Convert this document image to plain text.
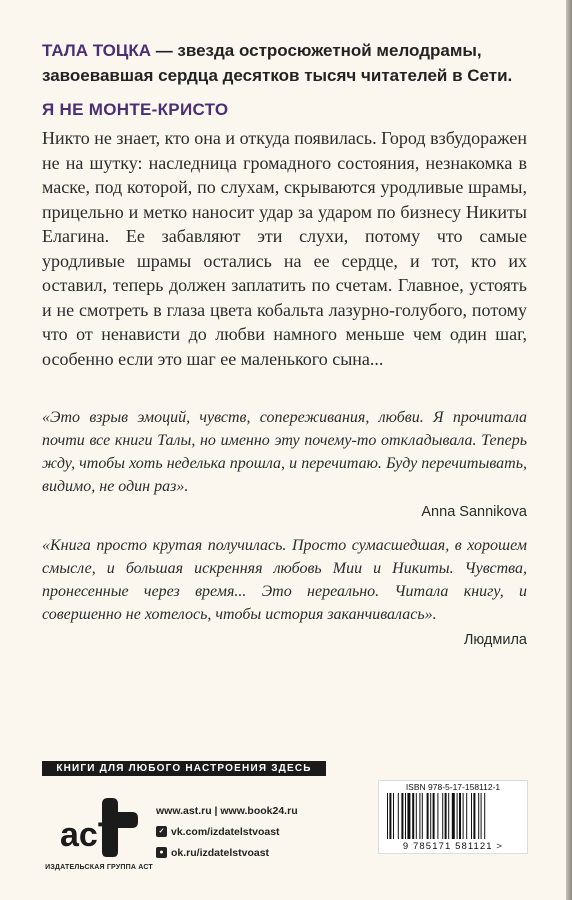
ТАЛА ТОЦКА — звезда остросюжетной мелодрамы, завоевавшая сердца десятков тысяч читателей в Сети.

Я НЕ МОНТЕ-КРИСТО

Никто не знает, кто она и откуда появилась. Город взбудоражен не на шутку: наследница громадного состояния, незнакомка в маске, под которой, по слухам, скрываются уродливые шрамы, прицельно и метко наносит удар за ударом по бизнесу Никиты Елагина. Ее забавляют эти слухи, потому что самые уродливые шрамы остались на ее сердце, и тот, кто их оставил, теперь должен заплатить по счетам. Главное, устоять и не смотреть в глаза цвета кобальта лазурно-голубого, потому что от ненависти до любви намного меньше чем один шаг, особенно если это шаг ее маленького сына...

«Это взрыв эмоций, чувств, сопереживания, любви. Я прочитала почти все книги Талы, но именно эту почему-то откладывала. Теперь жду, чтобы хоть неделька прошла, и перечитаю. Буду перечитывать, видимо, не один раз».

Anna Sannikova

«Книга просто крутая получилась. Просто сумасшедшая, в хорошем смысле, и большая искренняя любовь Мии и Никиты. Чувства, пронесенные через время... Это нереально. Читала книгу, и совершенно не хотелось, чтобы история заканчивалась».

Людмила

КНИГИ ДЛЯ ЛЮБОГО НАСТРОЕНИЯ ЗДЕСЬ
acT
ИЗДАТЕЛЬСКАЯ ГРУППА АСТ
www.ast.ru | www.book24.ru
✓ vk.com/izdatelstvoast
● ok.ru/izdatelstvoast
ISBN 978-5-17-158112-1
9 785171 581121 >
